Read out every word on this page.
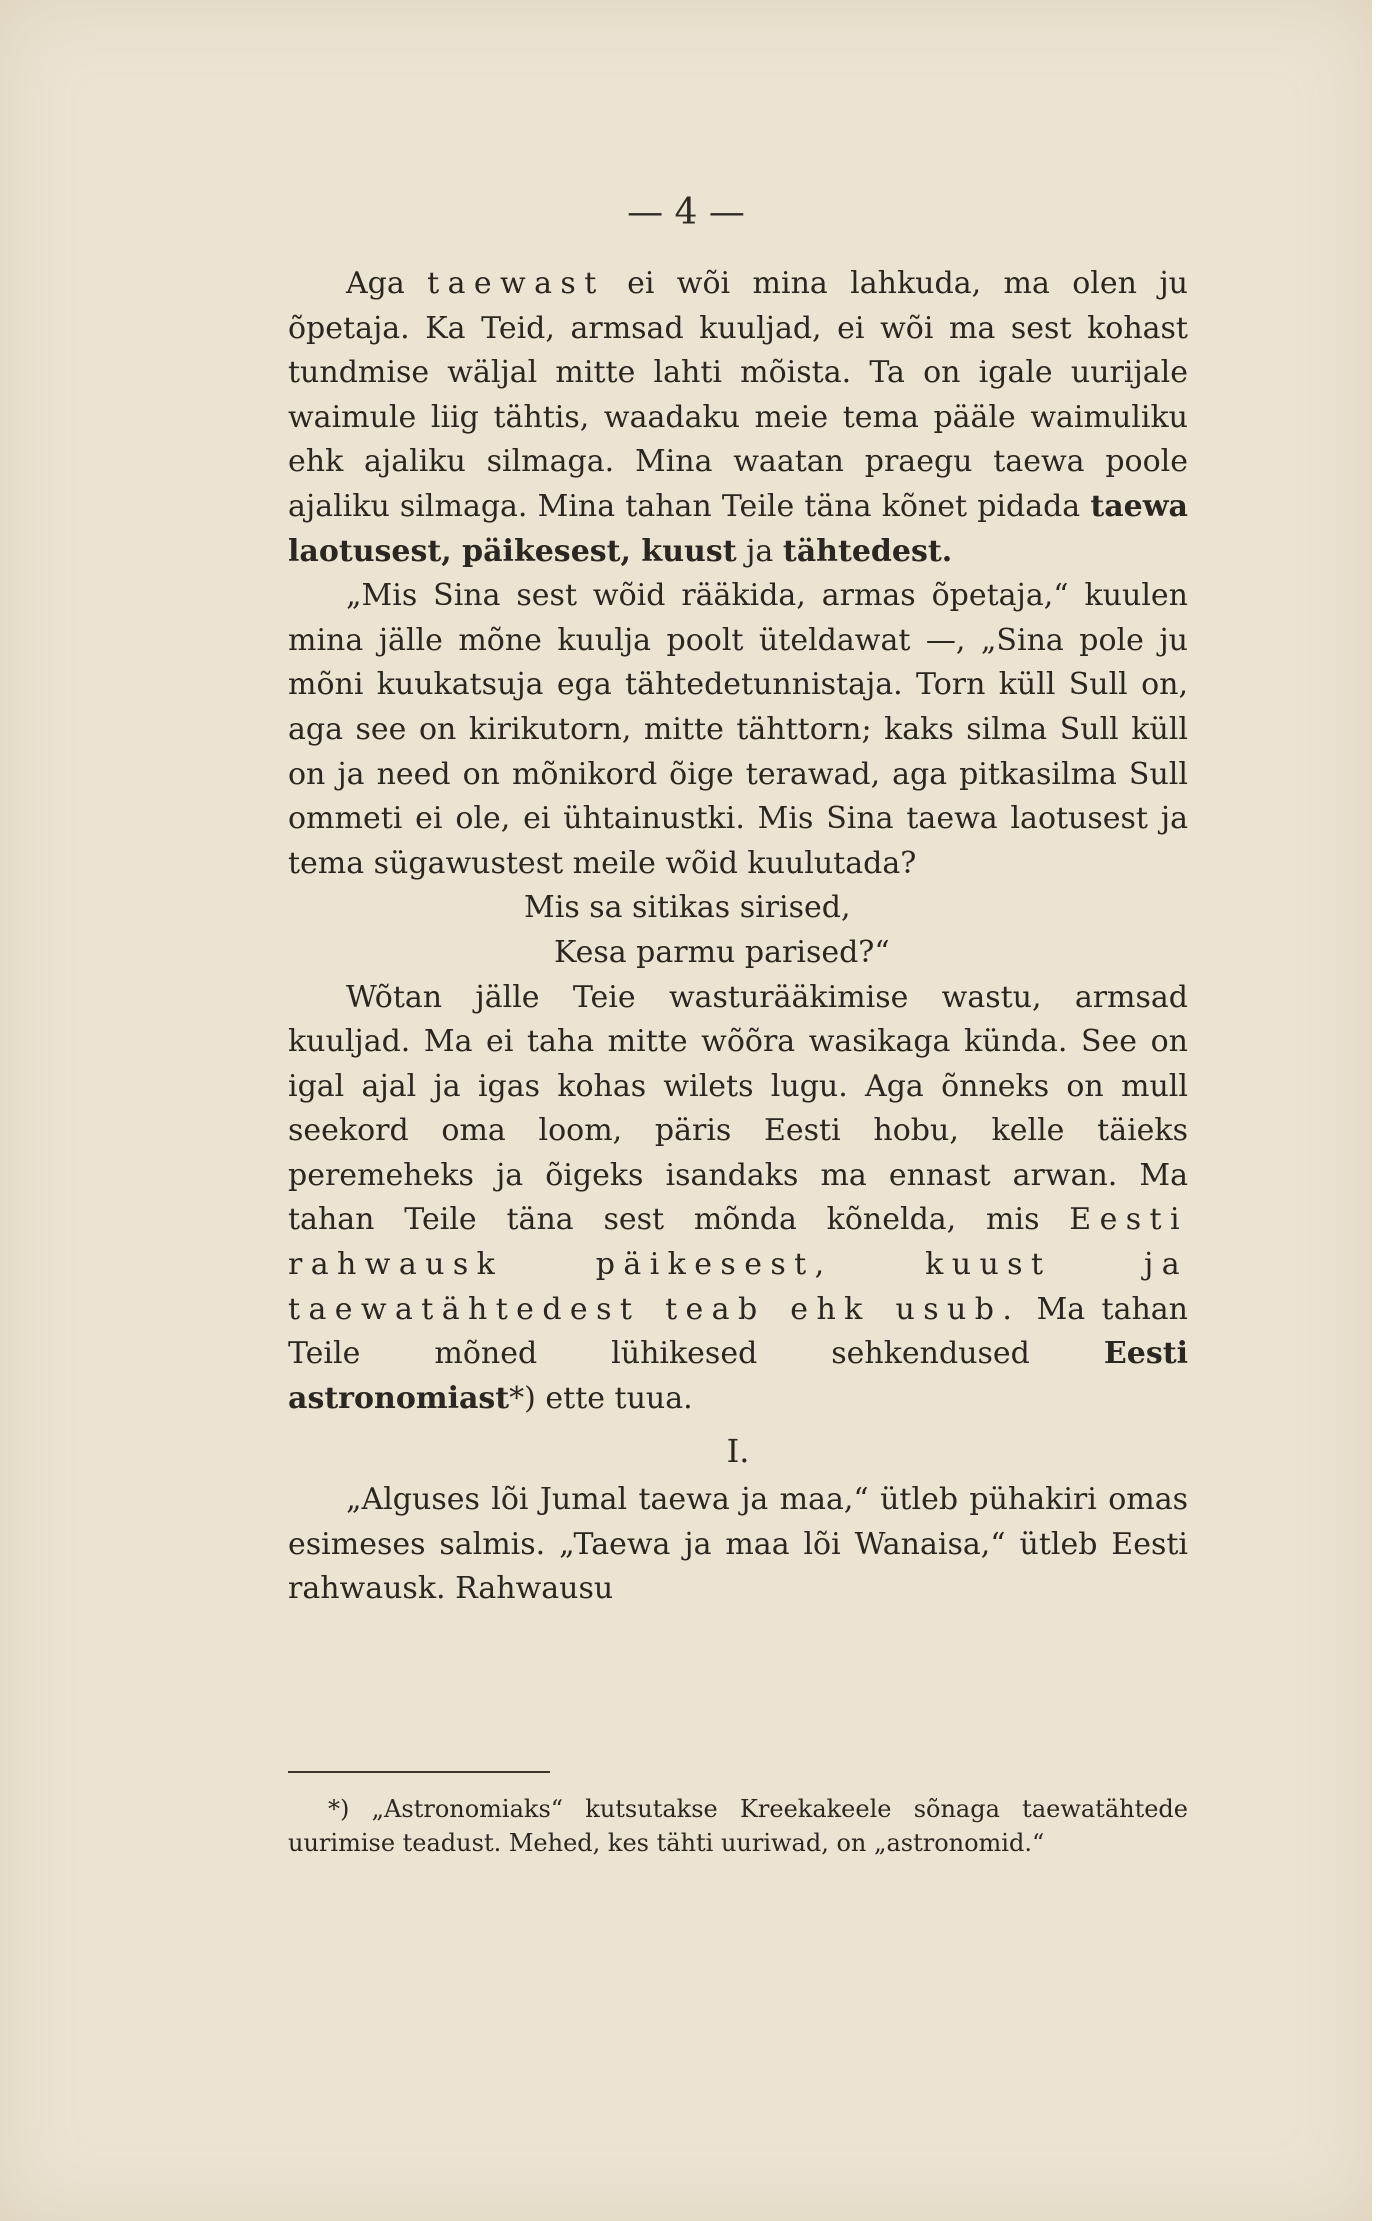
— 4 —

Aga taewast ei wõi mina lahkuda, ma olen ju õpetaja. Ka Teid, armsad kuuljad, ei wõi ma sest kohast tundmise wäljal mitte lahti mõista. Ta on igale uurijale waimule liig tähtis, waadaku meie tema pääle waimuliku ehk ajaliku silmaga. Mina waatan praegu taewa poole ajaliku silmaga. Mina tahan Teile täna kõnet pidada taewa laotusest, päikesest, kuust ja tähtedest.

„Mis Sina sest wõid rääkida, armas õpetaja,“ kuulen mina jälle mõne kuulja poolt üteldawat —, „Sina pole ju mõni kuukatsuja ega tähtedetunnistaja. Torn küll Sull on, aga see on kirikutorn, mitte tähttorn; kaks silma Sull küll on ja need on mõnikord õige terawad, aga pitkasilma Sull ommeti ei ole, ei ühtainustki. Mis Sina taewa laotusest ja tema sügawustest meile wõid kuulutada?

Mis sa sitikas sirised,

Kesa parmu parised?“

Wõtan jälle Teie wasturääkimise wastu, armsad kuuljad. Ma ei taha mitte wõõra wasikaga künda. See on igal ajal ja igas kohas wilets lugu. Aga õnneks on mull seekord oma loom, päris Eesti hobu, kelle täieks peremeheks ja õigeks isandaks ma ennast arwan. Ma tahan Teile täna sest mõnda kõnelda, mis Eesti rahwausk päikesest, kuust ja taewatähtedest teab ehk usub. Ma tahan Teile mõned lühikesed sehkendused Eesti astronomiast*) ette tuua.

I.

„Alguses lõi Jumal taewa ja maa,“ ütleb pühakiri omas esimeses salmis. „Taewa ja maa lõi Wanaisa,“ ütleb Eesti rahwausk. Rahwausu

*) „Astronomiaks“ kutsutakse Kreekakeele sõnaga taewatähtede uurimise teadust. Mehed, kes tähti uuriwad, on „astronomid.“
